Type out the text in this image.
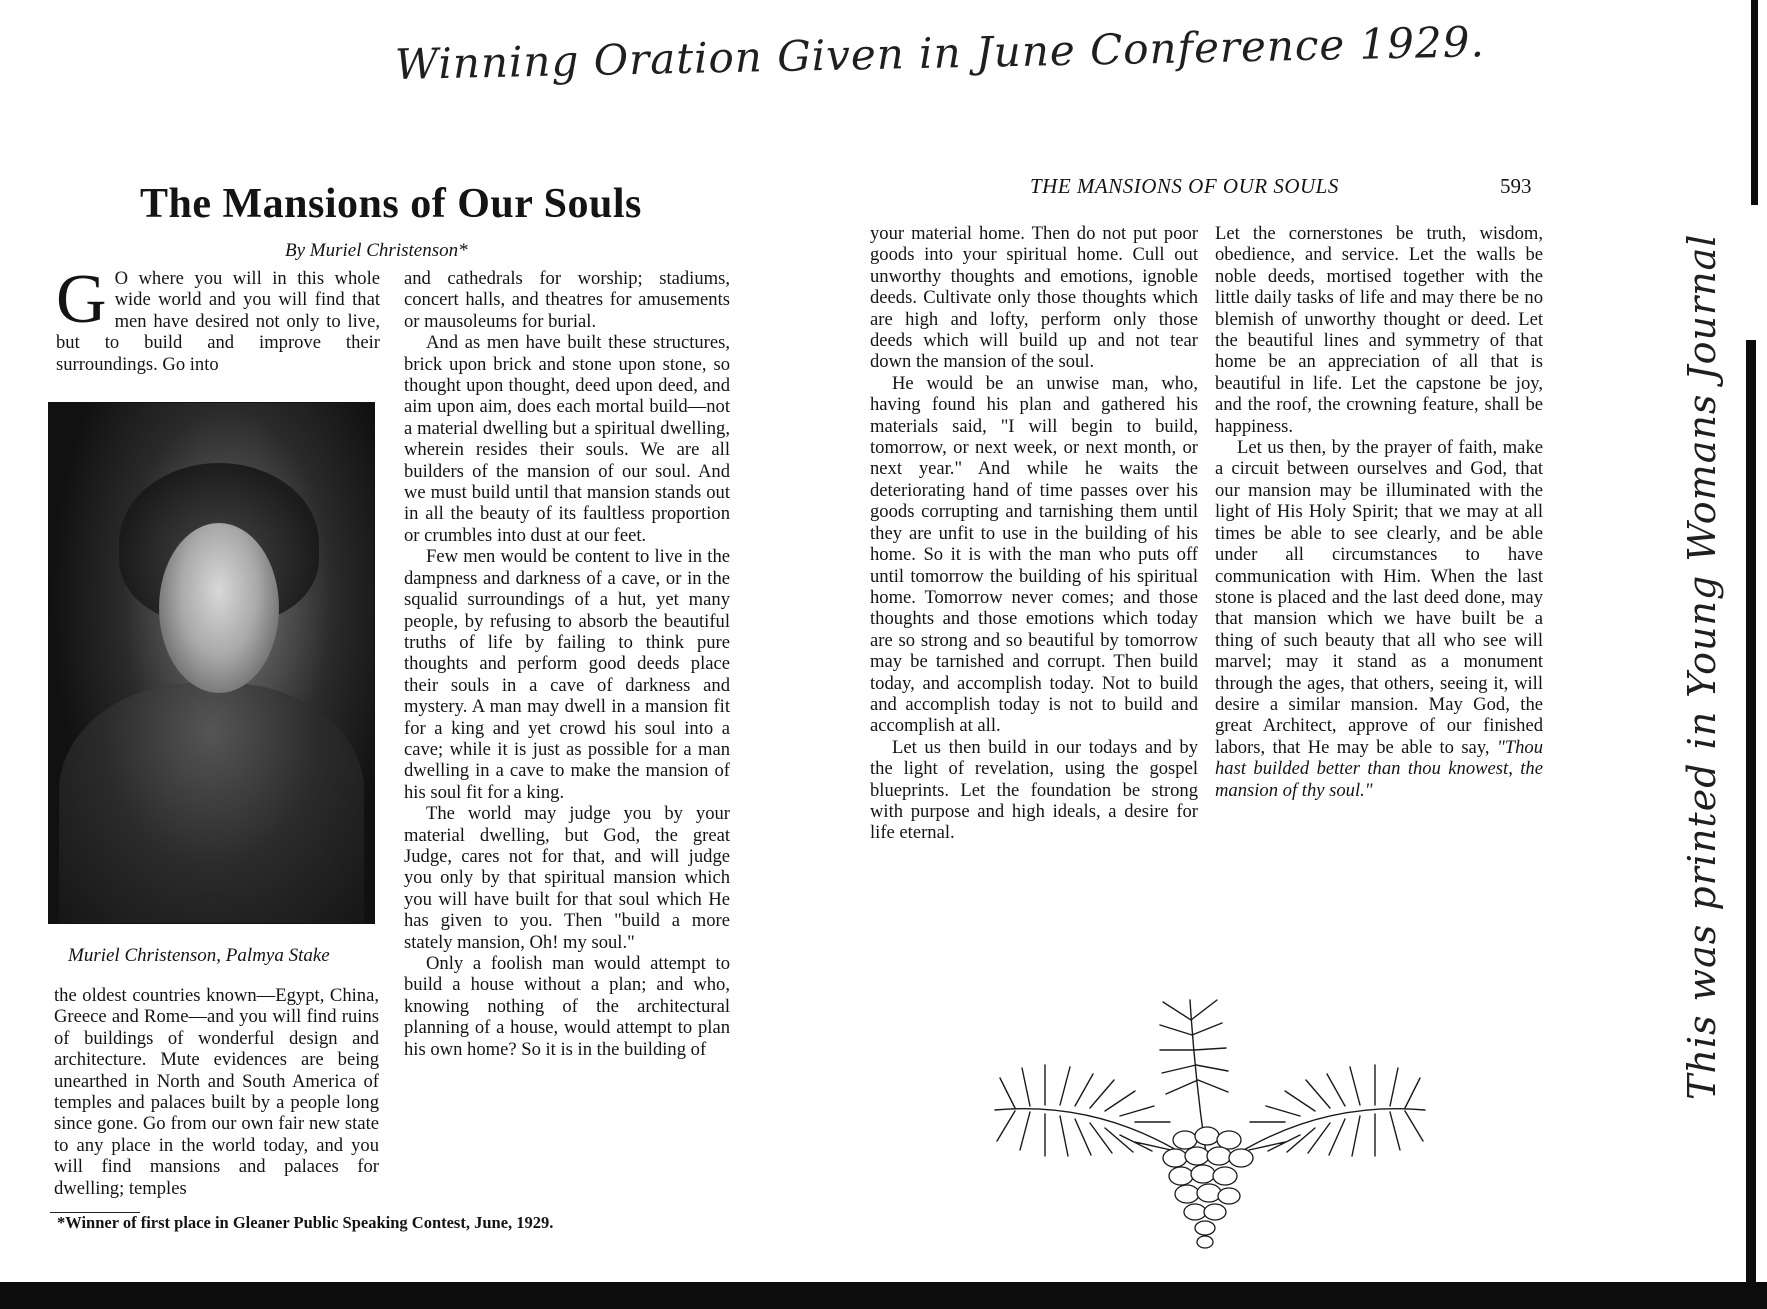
Winning Oration Given in June Conference 1929.
This was printed in Young Womans Journal
The Mansions of Our Souls
By Muriel Christenson*
G O where you will in this whole wide world and you will find that men have desired not only to live, but to build and improve their surroundings. Go into
Muriel Christenson, Palmya Stake

the oldest countries known—Egypt, China, Greece and Rome—and you will find ruins of buildings of wonderful design and architecture. Mute evidences are being unearthed in North and South America of temples and palaces built by a people long since gone. Go from our own fair new state to any place in the world today, and you will find mansions and palaces for dwelling; temples

and cathedrals for worship; stadiums, concert halls, and theatres for amusements or mausoleums for burial.

And as men have built these structures, brick upon brick and stone upon stone, so thought upon thought, deed upon deed, and aim upon aim, does each mortal build—not a material dwelling but a spiritual dwelling, wherein resides their souls. We are all builders of the mansion of our soul. And we must build until that mansion stands out in all the beauty of its faultless proportion or crumbles into dust at our feet.

Few men would be content to live in the dampness and darkness of a cave, or in the squalid surroundings of a hut, yet many people, by refusing to absorb the beautiful truths of life by failing to think pure thoughts and perform good deeds place their souls in a cave of darkness and mystery. A man may dwell in a mansion fit for a king and yet crowd his soul into a cave; while it is just as possible for a man dwelling in a cave to make the mansion of his soul fit for a king.

The world may judge you by your material dwelling, but God, the great Judge, cares not for that, and will judge you only by that spiritual mansion which you will have built for that soul which He has given to you. Then "build a more stately mansion, Oh! my soul."

Only a foolish man would attempt to build a house without a plan; and who, knowing nothing of the architectural planning of a house, would attempt to plan his own home? So it is in the building of

*Winner of first place in Gleaner Public Speaking Contest, June, 1929.
THE MANSIONS OF OUR SOULS	593

your material home. Then do not put poor goods into your spiritual home. Cull out unworthy thoughts and emotions, ignoble deeds. Cultivate only those thoughts which are high and lofty, perform only those deeds which will build up and not tear down the mansion of the soul.

He would be an unwise man, who, having found his plan and gathered his materials said, "I will begin to build, tomorrow, or next week, or next month, or next year." And while he waits the deteriorating hand of time passes over his goods corrupting and tarnishing them until they are unfit to use in the building of his home. So it is with the man who puts off until tomorrow the building of his spiritual home. Tomorrow never comes; and those thoughts and those emotions which today are so strong and so beautiful by tomorrow may be tarnished and corrupt. Then build today, and accomplish today. Not to build and accomplish today is not to build and accomplish at all.

Let us then build in our todays and by the light of revelation, using the gospel blueprints. Let the foundation be strong with purpose and high ideals, a desire for life eternal.

Let the cornerstones be truth, wisdom, obedience, and service. Let the walls be noble deeds, mortised together with the little daily tasks of life and may there be no blemish of unworthy thought or deed. Let the beautiful lines and symmetry of that home be an appreciation of all that is beautiful in life. Let the capstone be joy, and the roof, the crowning feature, shall be happiness.

Let us then, by the prayer of faith, make a circuit between ourselves and God, that our mansion may be illuminated with the light of His Holy Spirit; that we may at all times be able to see clearly, and be able under all circumstances to have communication with Him. When the last stone is placed and the last deed done, may that mansion which we have built be a thing of such beauty that all who see will marvel; may it stand as a monument through the ages, that others, seeing it, will desire a similar mansion. May God, the great Architect, approve of our finished labors, that He may be able to say, "Thou hast builded better than thou knowest, the mansion of thy soul."
